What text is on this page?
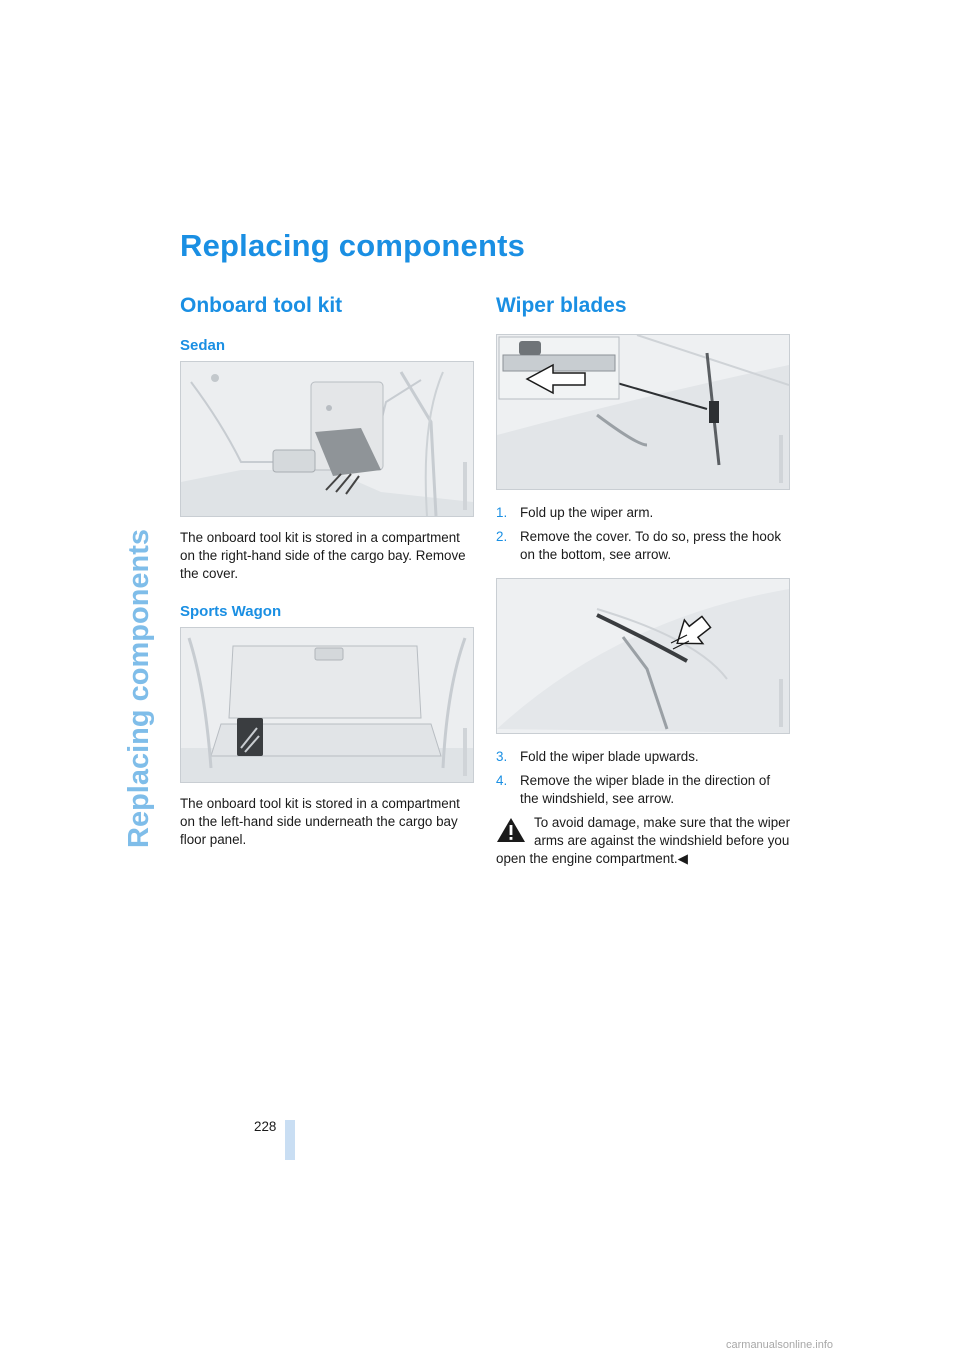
Replacing components
Replacing components
Onboard tool kit
Sedan

The onboard tool kit is stored in a compartment on the right-hand side of the cargo bay. Remove the cover.

Sports Wagon

The onboard tool kit is stored in a compartment on the left-hand side underneath the cargo bay floor panel.

Wiper blades
1. Fold up the wiper arm.
2. Remove the cover. To do so, press the hook on the bottom, see arrow.
3. Fold the wiper blade upwards.
4. Remove the wiper blade in the direction of the windshield, see arrow.
To avoid damage, make sure that the wiper arms are against the windshield before you open the engine compartment.◀
228
carmanualsonline.info
